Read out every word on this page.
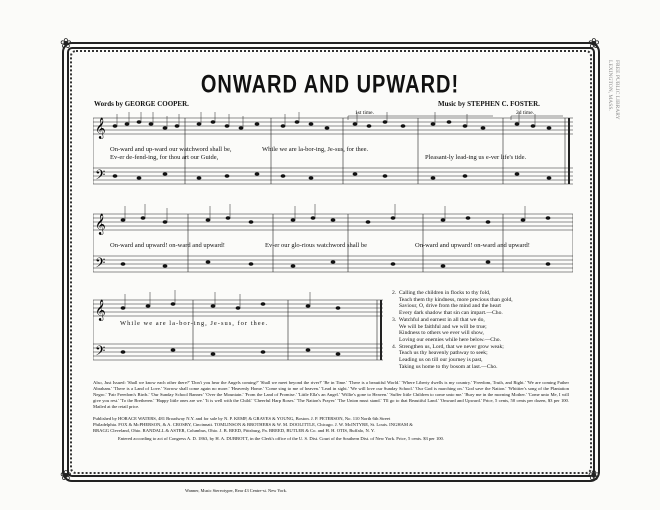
❀	❀
❀	❀
ONWARD AND UPWARD!
Words by GEORGE COOPER.	Music by STEPHEN C. FOSTER.
𝄞
𝄢
1st time.	2d time.
On-ward and up-ward our watchword shall be,
Ev-er de-fend-ing, for thou art our Guide,
While we are la-bor-ing, Je-sus, for thee.
Pleasant-ly lead-ing us e-ver life's tide.
𝄞
𝄢
On-ward and upward! on-ward and upward!	Ev-er our glo-rious watchword shall be	On-ward and upward! on-ward and upward!
𝄞
𝄢
While we are la-bor-ing, Je-sus, for thee.
2.  Calling the children in flocks to thy fold,
Teach them thy kindness, more precious than gold,
Saviour, O, drive from the mind and the heart
Every dark shadow that sin can impart.—Cho.
3.  Watchful and earnest in all that we do,
We will be faithful and we will be true;
Kindness to others we ever will show,
Loving our enemies while here below.—Cho.
4.  Strengthen us, Lord, that we never grow weak;
Teach us thy heavenly pathway to seek;
Leading us on till our journey is past,
Taking us home to thy bosom at last.—Cho.
Also, Just Issued: 'Shall we know each other there?' 'Don't you hear the Angels coming?' 'Shall we meet beyond the river?' 'Be in Time.' 'There is a beautiful World.' 'Where Liberty dwells is my country.' 'Freedom, Truth, and Right.' 'We are coming Father Abraham.' 'There is a Land of Love.' 'Sorrow shall come again no more.' 'Heavenly Home.' 'Come sing to me of heaven.' 'Lead in sight.' 'We will love our Sunday School.' 'Our God is marching on.' 'God save the Nation.' 'Whittier's song of the Plantation Negro.' 'Fair Freedom's Birds.' 'Our Sunday School Banner.' 'Over the Mountain.' 'From the Land of Promise.' 'Little Ella's an Angel.' 'Willie's gone to Heaven.' 'Suffer little Children to come unto me.' 'Bury me in the morning Mother.' 'Come unto Me, I will give you rest.' 'To the Bretheren.' 'Happy little ones are we.' 'It is well with the Child.' 'Cheerful Harp Roses.' 'The Nation's Prayer.' 'The Union must stand.' 'I'll go to that Beautiful Land.' 'Onward and Upward.' Price, 5 cents, 50 cents per dozen, $3 per 100. Mailed at the retail price.
Published by HORACE WATERS, 481 Broadway N.Y. and for sale by N. P. KEMP, & GRAVES & YOUNG, Boston. J. P. PETERSON, No. 110 North 6th Street
Philadelphia. FOX & McPHERSON, & A. CROSBY, Cincinnati. TOMLINSON & BROTHERS & W. M. DOOLITTLE, Chicago. J. W. McINTYRE, St. Louis. INGHAM &
BRAGG Cleveland, Ohio. RANDALL & ASTER, Columbus, Ohio. J. B. REED, Pittsburg, Pa. BREED, BUTLER & Co. and H. H. OTIS, Buffalo, N. Y.
Entered according to act of Congress A. D. 1863, by H. A. DUBBOTT, in the Clerk's office of the U. S. Dist. Court of the Southern Dist. of New York. Price, 5 cents. $3 per 100.
Wanner, Music Stereotyper, Rear 43 Centre-st. New York.
FREE PUBLIC LIBRARY
LEXINGTON, MASS.
